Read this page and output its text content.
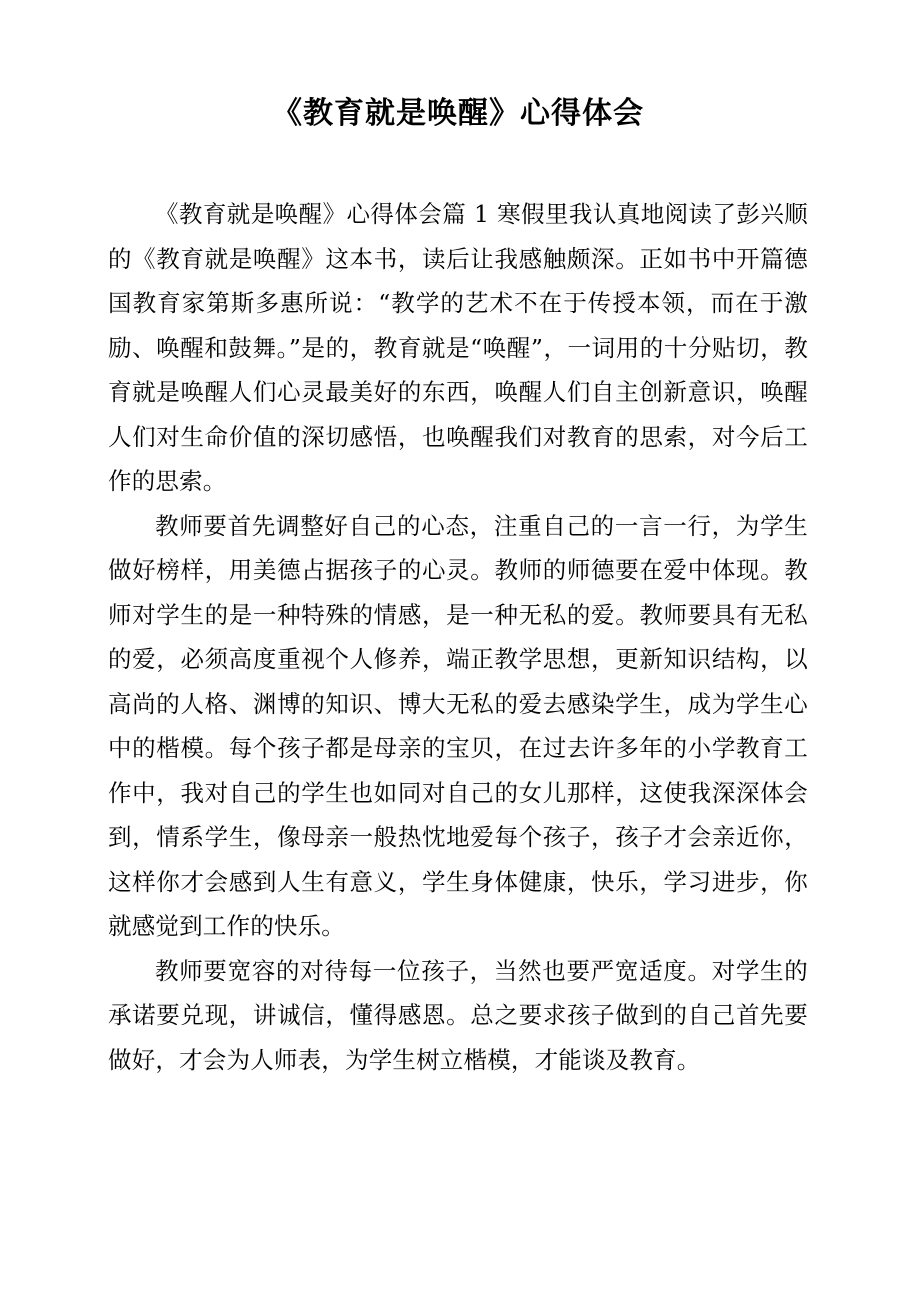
《教育就是唤醒》心得体会

《教育就是唤醒》心得体会篇 1 寒假里我认真地阅读了彭兴顺的《教育就是唤醒》这本书，读后让我感触颇深。正如书中开篇德国教育家第斯多惠所说：“教学的艺术不在于传授本领，而在于激励、唤醒和鼓舞。”是的，教育就是“唤醒”，一词用的十分贴切，教育就是唤醒人们心灵最美好的东西，唤醒人们自主创新意识，唤醒人们对生命价值的深切感悟，也唤醒我们对教育的思索，对今后工作的思索。

教师要首先调整好自己的心态，注重自己的一言一行，为学生做好榜样，用美德占据孩子的心灵。教师的师德要在爱中体现。教师对学生的是一种特殊的情感，是一种无私的爱。教师要具有无私的爱，必须高度重视个人修养，端正教学思想，更新知识结构，以高尚的人格、渊博的知识、博大无私的爱去感染学生，成为学生心中的楷模。每个孩子都是母亲的宝贝，在过去许多年的小学教育工作中，我对自己的学生也如同对自己的女儿那样，这使我深深体会到，情系学生，像母亲一般热忱地爱每个孩子，孩子才会亲近你，这样你才会感到人生有意义，学生身体健康，快乐，学习进步，你就感觉到工作的快乐。

教师要宽容的对待每一位孩子，当然也要严宽适度。对学生的承诺要兑现，讲诚信，懂得感恩。总之要求孩子做到的自己首先要做好，才会为人师表，为学生树立楷模，才能谈及教育。
